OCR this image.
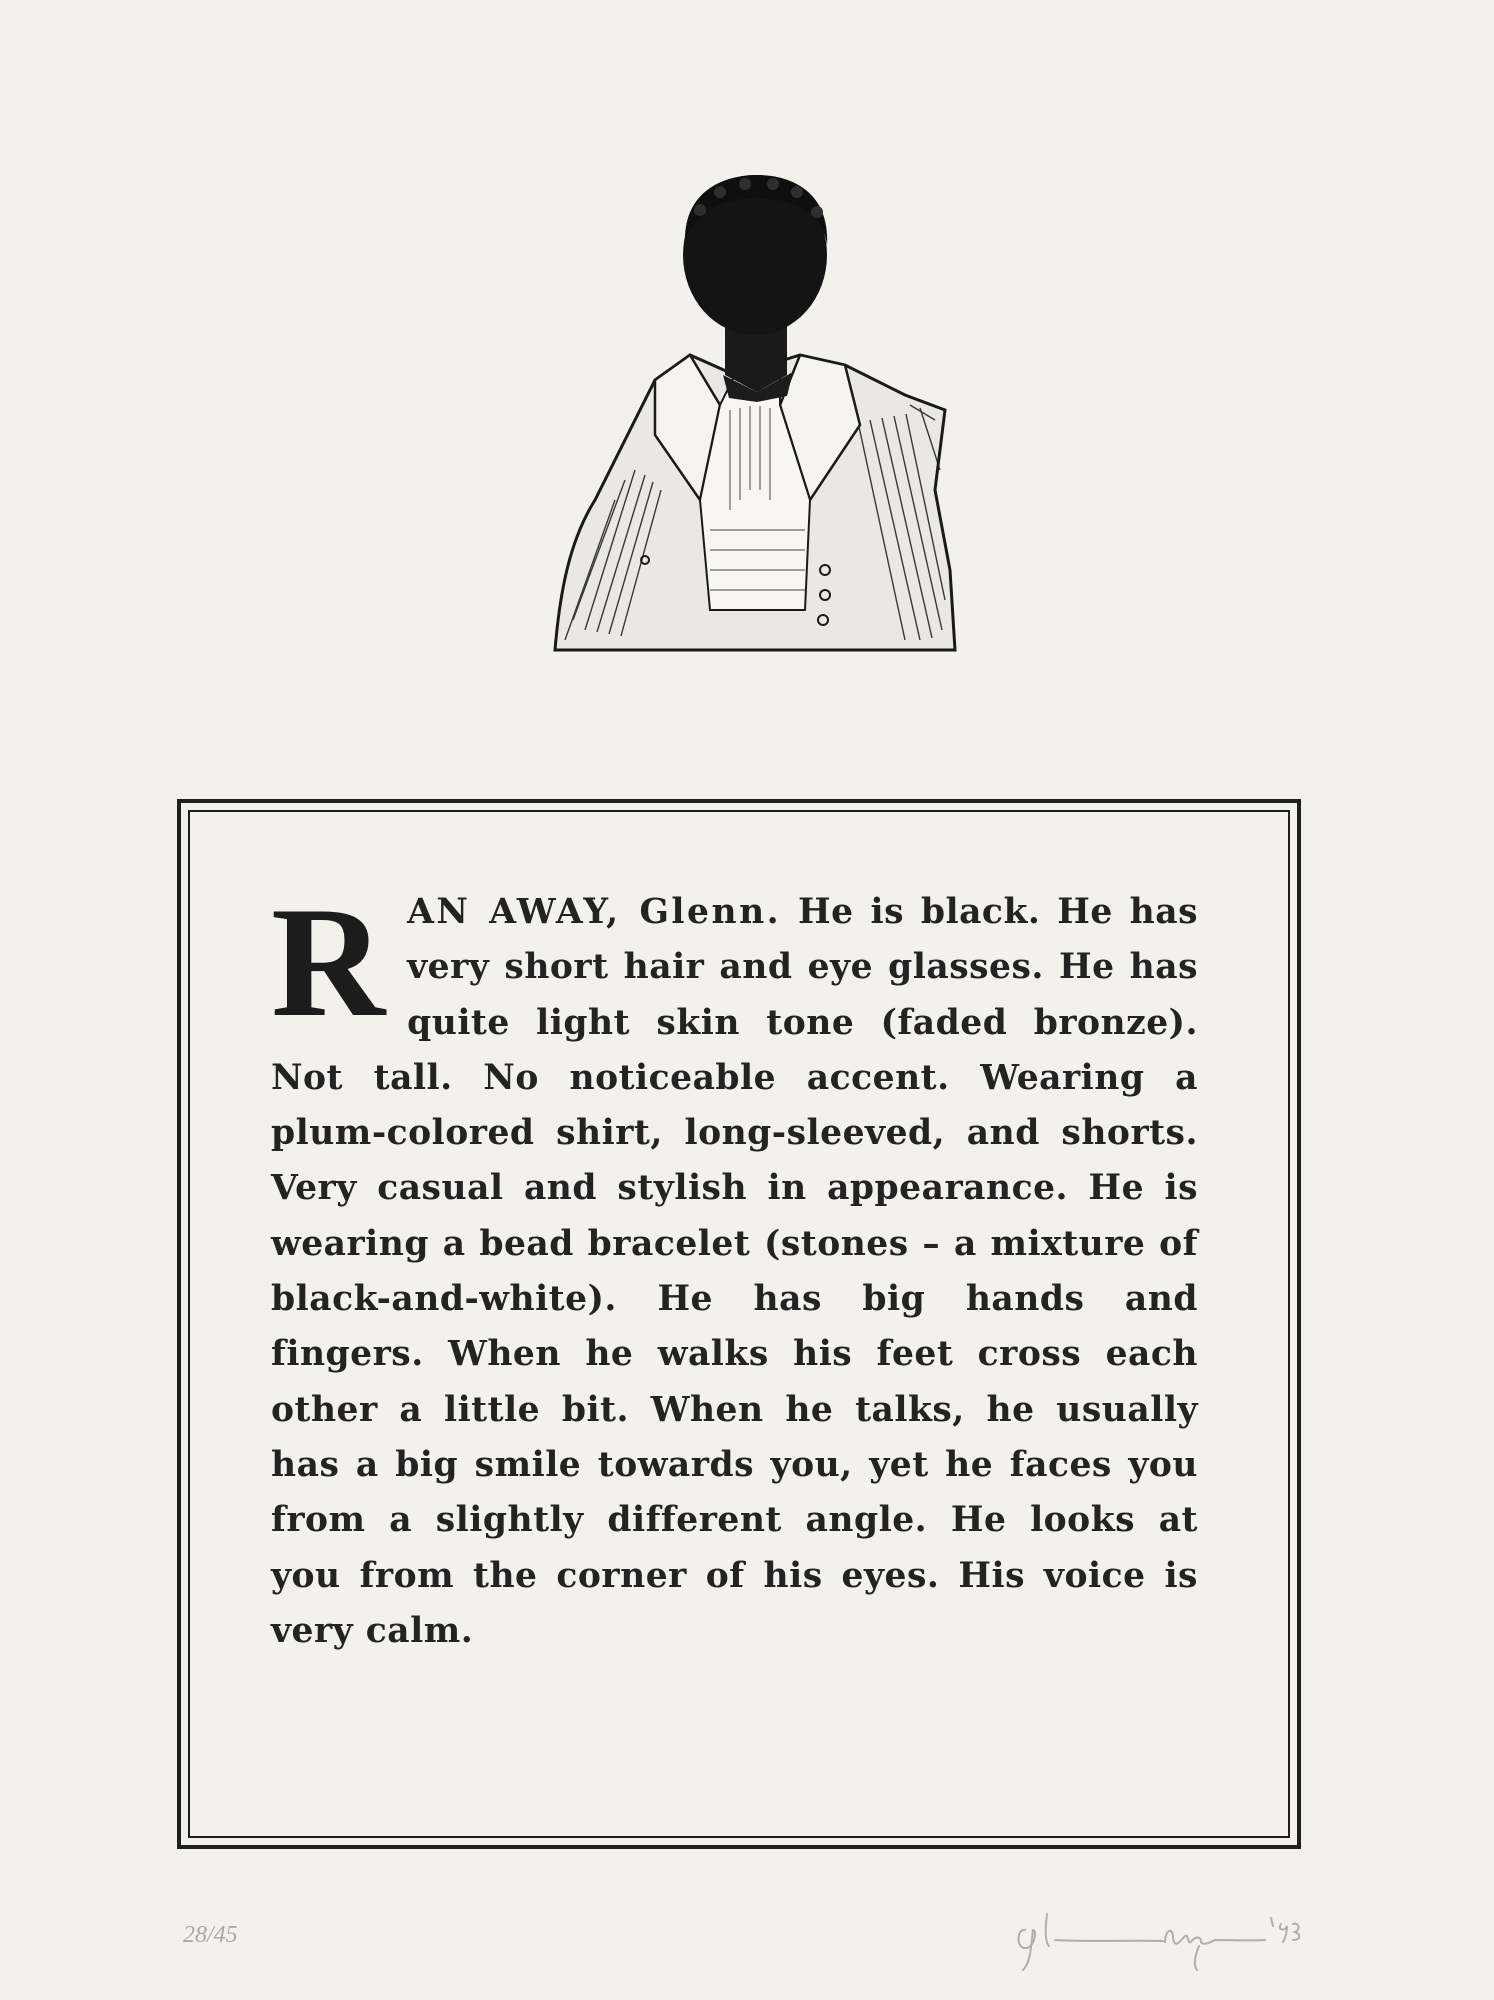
RAN AWAY, Glenn. He is black. He has very short hair and eye glasses. He has quite light skin tone (faded bronze). Not tall. No noticeable accent. Wearing a plum-colored shirt, long-sleeved, and shorts. Very casual and stylish in appearance. He is wearing a bead bracelet (stones – a mixture of black-and-white). He has big hands and fingers. When he walks his feet cross each other a little bit. When he talks, he usually has a big smile towards you, yet he faces you from a slightly different angle. He looks at you from the corner of his eyes. His voice is very calm.
28/45
